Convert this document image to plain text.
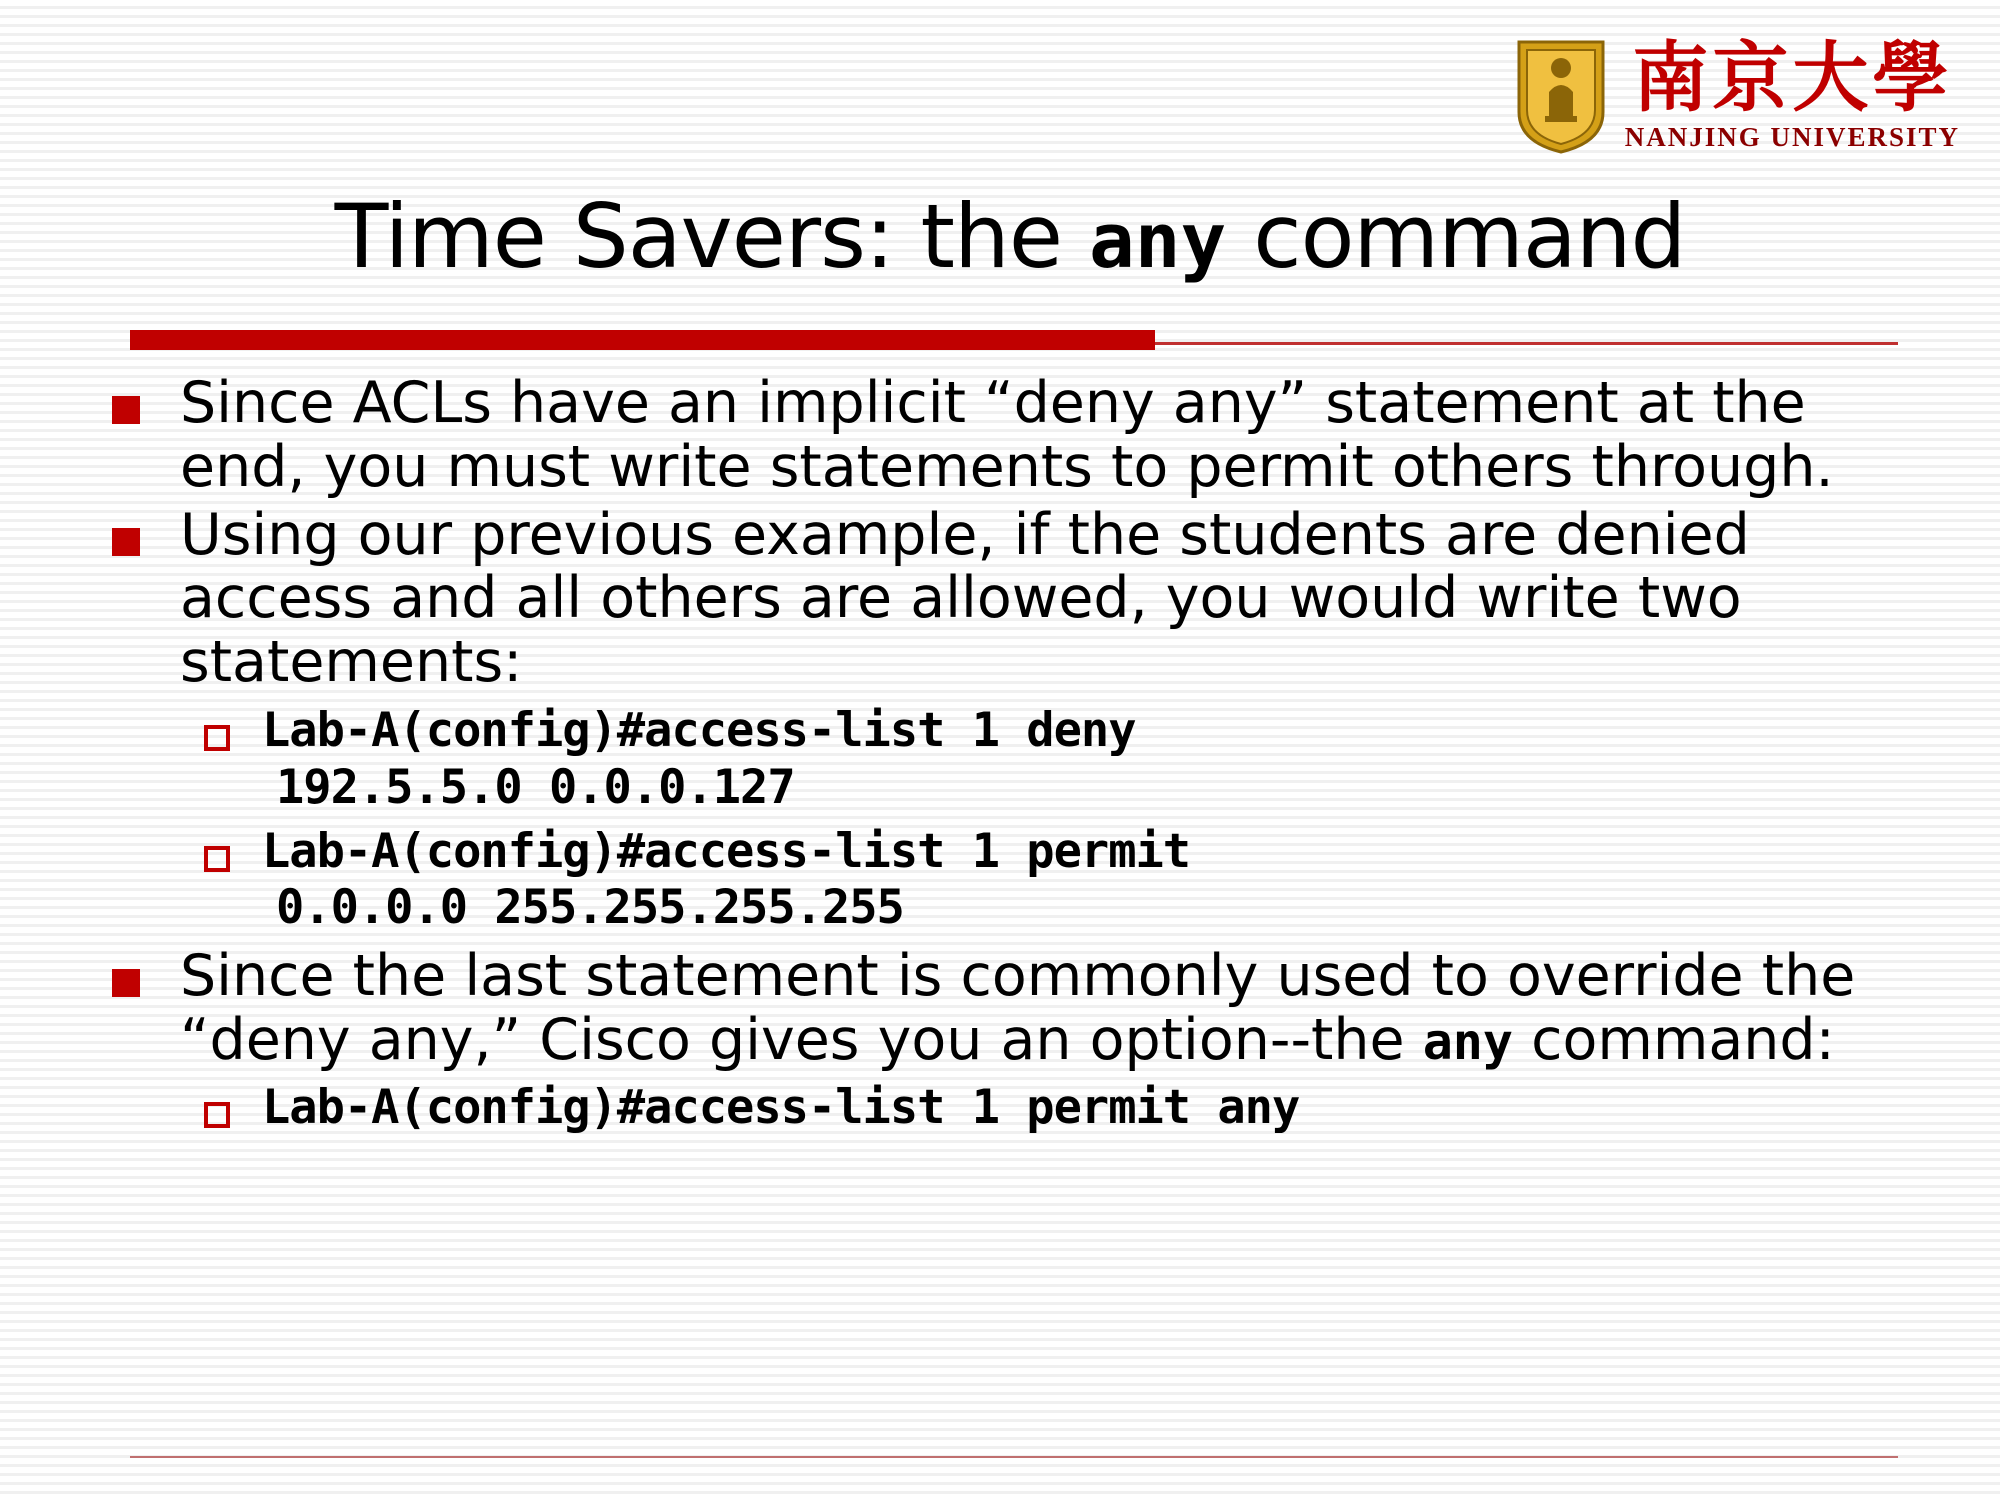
南京大學
NANJING UNIVERSITY
Time Savers: the any command
Since ACLs have an implicit “deny any” statement at the end, you must write statements to permit others through.
Using our previous example, if the students are denied access and all others are allowed, you would write two statements:
Lab-A(config)#access-list 1 deny
192.5.5.0 0.0.0.127
Lab-A(config)#access-list 1 permit
0.0.0.0 255.255.255.255
Since the last statement is commonly used to override the “deny any,” Cisco gives you an option--the any command:
Lab-A(config)#access-list 1 permit any
